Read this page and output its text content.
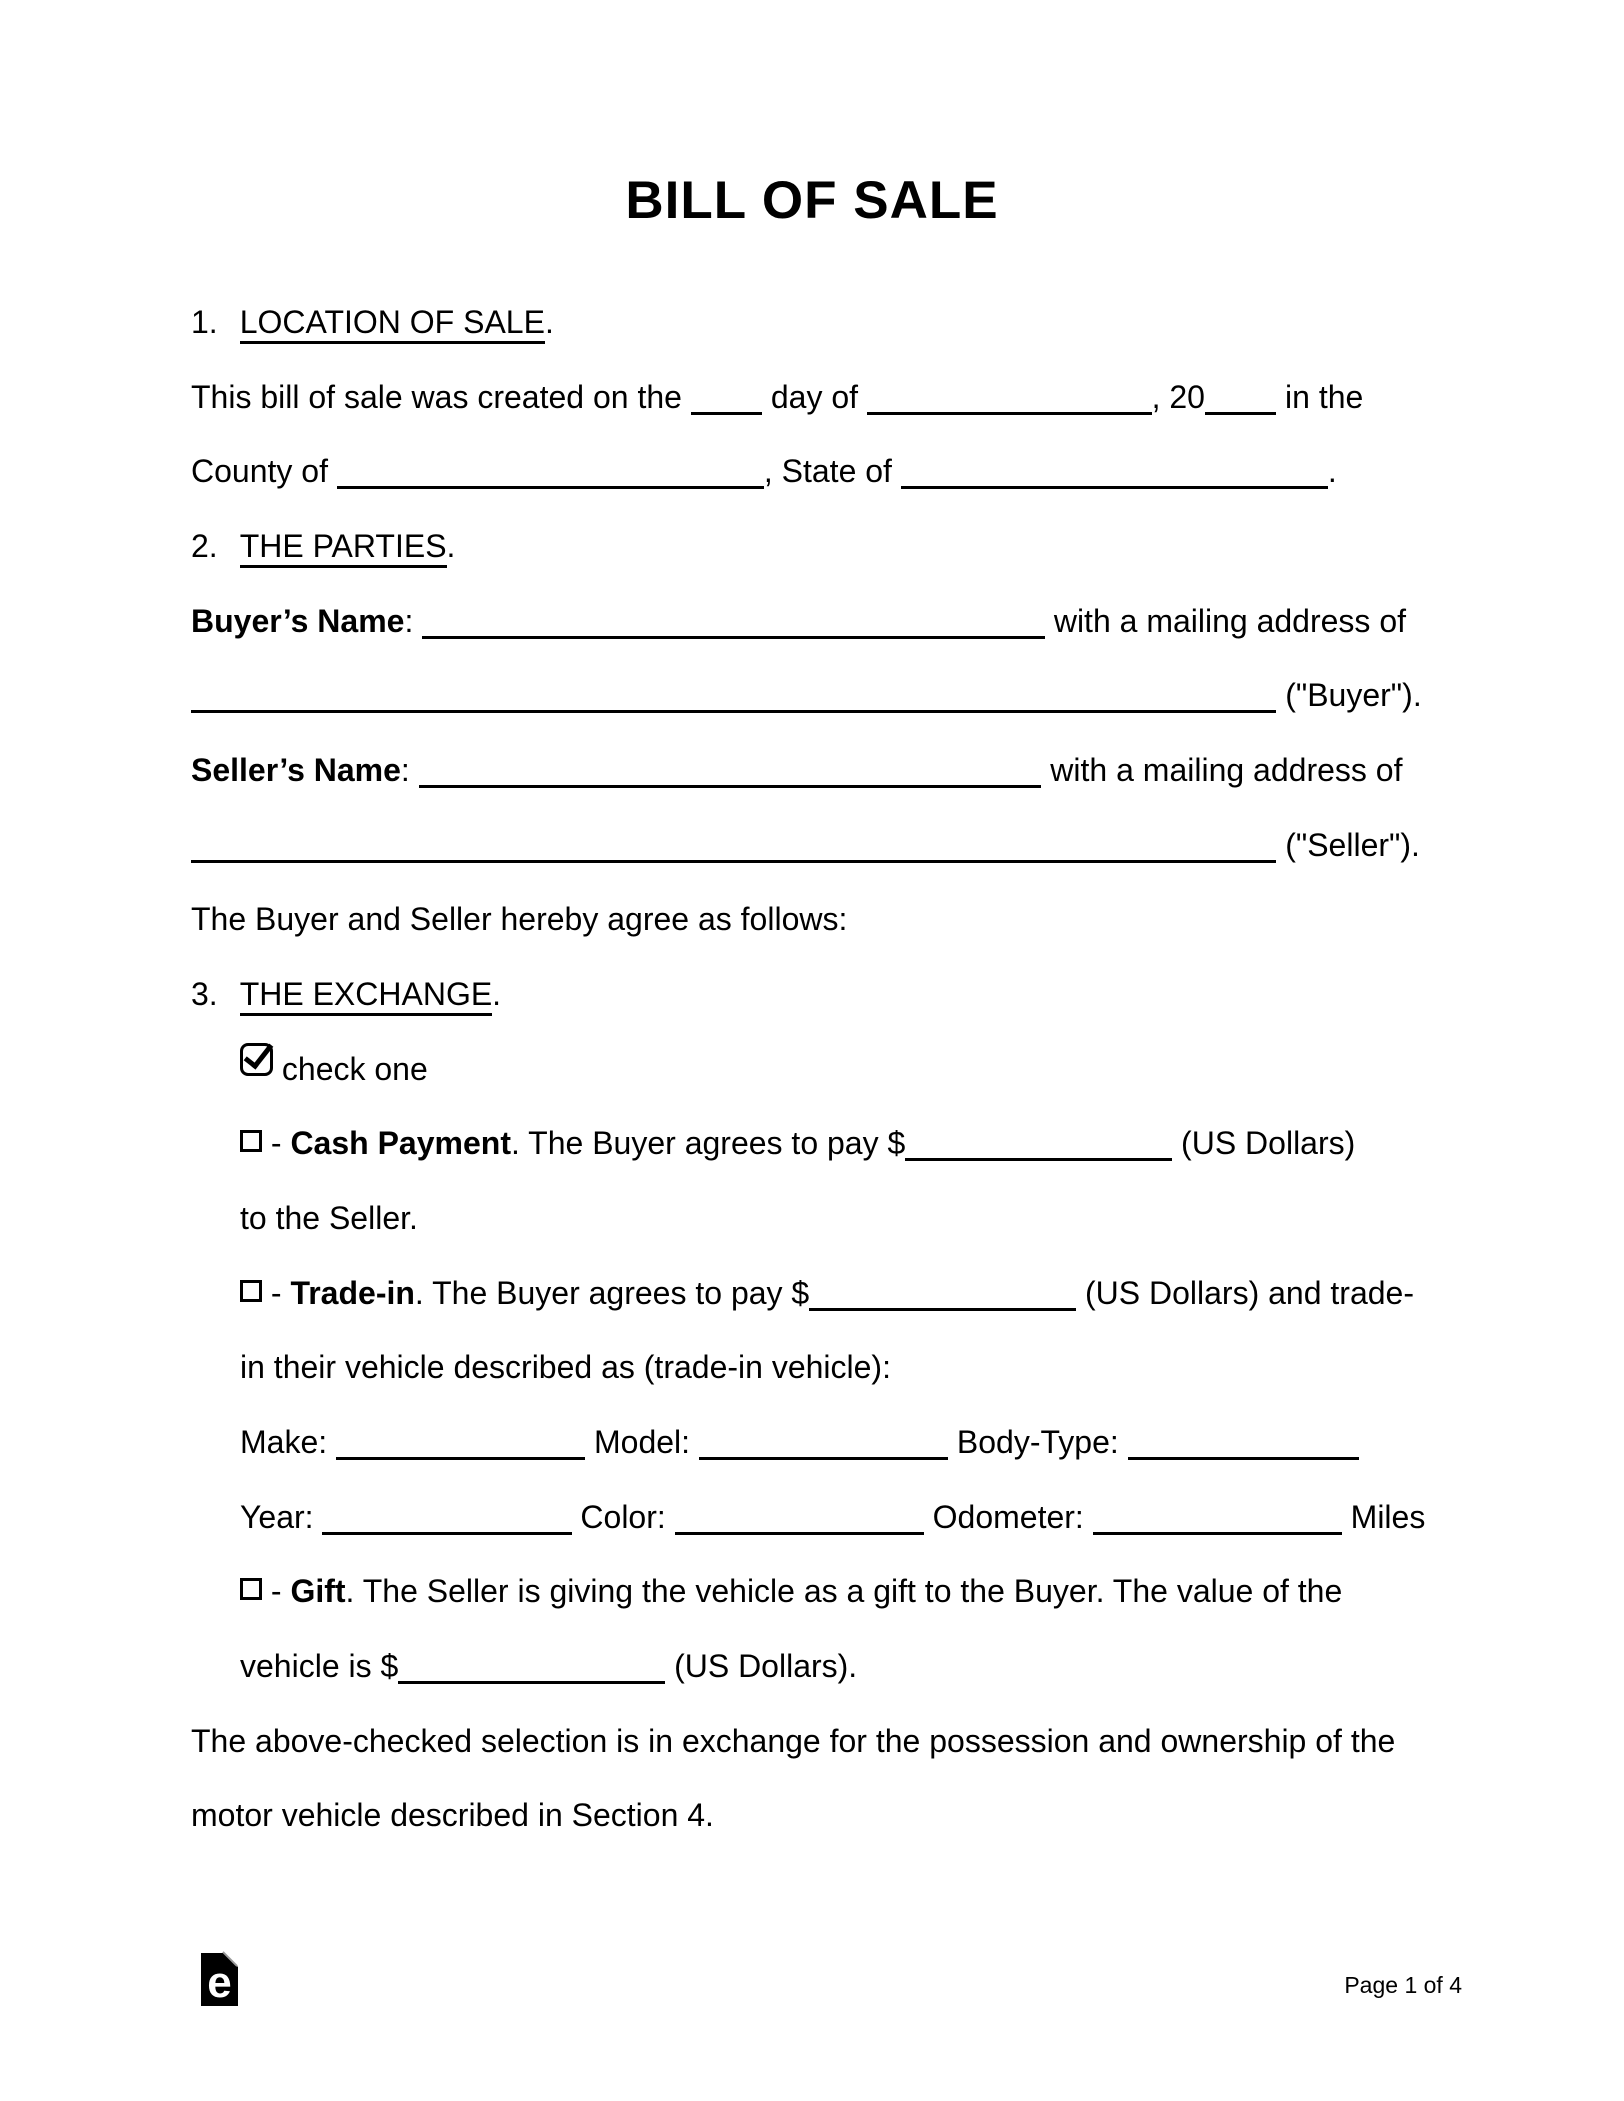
BILL OF SALE
1. LOCATION OF SALE.
This bill of sale was created on the  day of	, 20 in the
County of	, State of	.
2. THE PARTIES.
Buyer’s Name:	with a mailing address of
("Buyer").
Seller’s Name:	with a mailing address of
("Seller").
The Buyer and Seller hereby agree as follows:
3. THE EXCHANGE.
check one
- Cash Payment. The Buyer agrees to pay $	(US Dollars)
to the Seller.
- Trade-in. The Buyer agrees to pay $	(US Dollars) and trade-
in their vehicle described as (trade-in vehicle):
Make:	Model:	Body-Type:
Year:	Color:	Odometer:	Miles
- Gift. The Seller is giving the vehicle as a gift to the Buyer. The value of the
vehicle is $	(US Dollars).
The above-checked selection is in exchange for the possession and ownership of the
motor vehicle described in Section 4.
e	Page 1 of 4
